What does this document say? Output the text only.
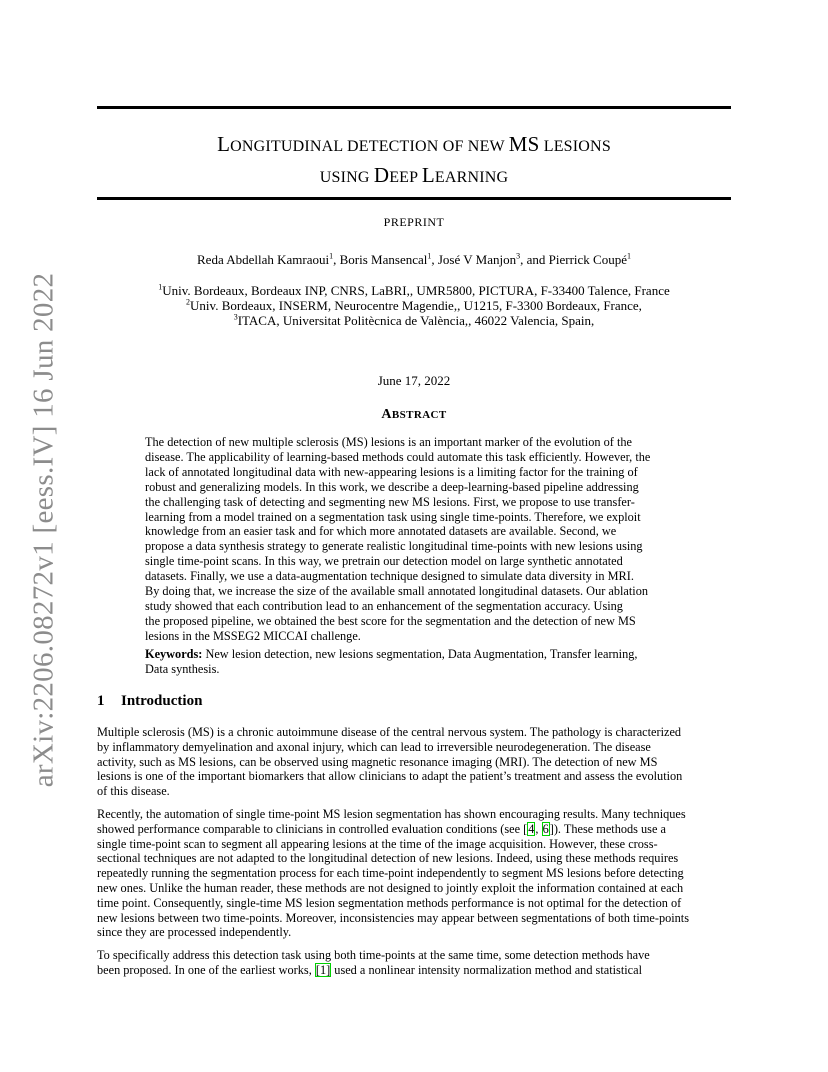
arXiv:2206.08272v1 [eess.IV] 16 Jun 2022
LONGITUDINAL DETECTION OF NEW MS LESIONS
USING DEEP LEARNING
PREPRINT
Reda Abdellah Kamraoui$^1$, Boris Mansencal$^1$, José V Manjon$^3$, and Pierrick Coupé$^1$
$^1$Univ. Bordeaux, Bordeaux INP, CNRS, LaBRI,, UMR5800, PICTURA, F-33400 Talence, France
$^2$Univ. Bordeaux, INSERM, Neurocentre Magendie,, U1215, F-3300 Bordeaux, France,
$^3$ITACA, Universitat Politècnica de València,, 46022 Valencia, Spain,
June 17, 2022
ABSTRACT
The detection of new multiple sclerosis (MS) lesions is an important marker of the evolution of the
disease. The applicability of learning-based methods could automate this task efficiently. However, the
lack of annotated longitudinal data with new-appearing lesions is a limiting factor for the training of
robust and generalizing models. In this work, we describe a deep-learning-based pipeline addressing
the challenging task of detecting and segmenting new MS lesions. First, we propose to use transfer-
learning from a model trained on a segmentation task using single time-points. Therefore, we exploit
knowledge from an easier task and for which more annotated datasets are available. Second, we
propose a data synthesis strategy to generate realistic longitudinal time-points with new lesions using
single time-point scans. In this way, we pretrain our detection model on large synthetic annotated
datasets. Finally, we use a data-augmentation technique designed to simulate data diversity in MRI.
By doing that, we increase the size of the available small annotated longitudinal datasets. Our ablation
study showed that each contribution lead to an enhancement of the segmentation accuracy. Using
the proposed pipeline, we obtained the best score for the segmentation and the detection of new MS
lesions in the MSSEG2 MICCAI challenge.
Keywords: New lesion detection, new lesions segmentation, Data Augmentation, Transfer learning,
Data synthesis.
1 Introduction
Multiple sclerosis (MS) is a chronic autoimmune disease of the central nervous system. The pathology is characterized
by inflammatory demyelination and axonal injury, which can lead to irreversible neurodegeneration. The disease
activity, such as MS lesions, can be observed using magnetic resonance imaging (MRI). The detection of new MS
lesions is one of the important biomarkers that allow clinicians to adapt the patient’s treatment and assess the evolution
of this disease.
Recently, the automation of single time-point MS lesion segmentation has shown encouraging results. Many techniques
showed performance comparable to clinicians in controlled evaluation conditions (see [4, 6]). These methods use a
single time-point scan to segment all appearing lesions at the time of the image acquisition. However, these cross-
sectional techniques are not adapted to the longitudinal detection of new lesions. Indeed, using these methods requires
repeatedly running the segmentation process for each time-point independently to segment MS lesions before detecting
new ones. Unlike the human reader, these methods are not designed to jointly exploit the information contained at each
time point. Consequently, single-time MS lesion segmentation methods performance is not optimal for the detection of
new lesions between two time-points. Moreover, inconsistencies may appear between segmentations of both time-points
since they are processed independently.
To specifically address this detection task using both time-points at the same time, some detection methods have
been proposed. In one of the earliest works, [1] used a nonlinear intensity normalization method and statistical
